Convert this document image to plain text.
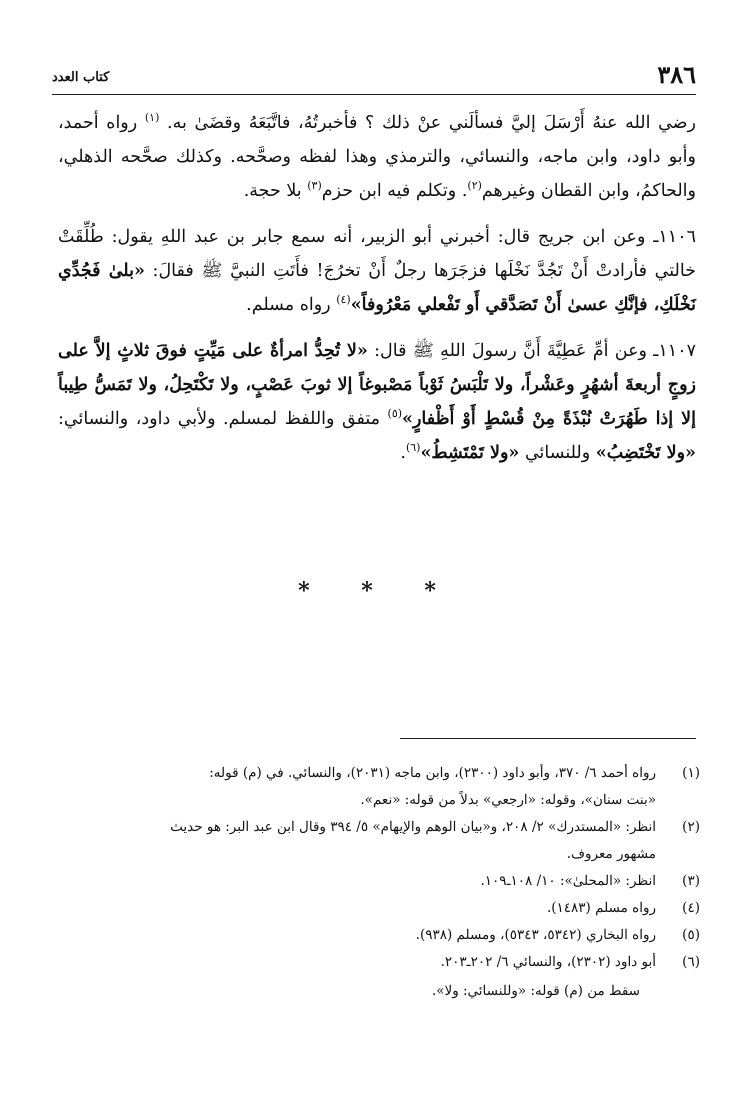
٣٨٦
كتاب العدد

رضي الله عنهُ أَرْسَلَ إليَّ فسألَني عنْ ذلك ؟ فأخبرتُهُ، فاتَّبَعَهُ وقضَىٰ به. $^{(١)}$ رواه أحمد، وأبو داود، وابن ماجه، والنسائي، والترمذي وهذا لفظه وصحَّحه. وكذلك صحَّحه الذهلي، والحاكمُ، وابن القطان وغيرهم$^{(٢)}$. وتكلم فيه ابن حزم$^{(٣)}$ بلا حجة.

١١٠٦ـ وعن ابن جريج قال: أخبرني أبو الزبير، أنه سمع جابر بن عبد اللهِ يقول: طُلِّقَتْ خالتي فأرادتْ أَنْ تَجُدَّ نَخْلَها فزجَرَها رجلٌ أَنْ تخرُجَ! فأَتَتِ النبيَّ ﷺ فقالَ: «بلىٰ فَجُدِّي نَخْلَكِ، فإنَّكِ عسىٰ أَنْ تَصَدَّقي أَو تَفْعلي مَعْرُوفاً»$^{(٤)}$ رواه مسلم.

١١٠٧ـ وعن أمِّ عَطِيَّةَ أَنَّ رسولَ اللهِ ﷺ قال: «لا تُحِدُّ امرأةٌ على مَيِّتٍ فوقَ ثلاثٍ إلاَّ على زوجٍ أربعةَ أشهُرٍ وعَشْراً، ولا تَلْبَسُ ثَوْباً مَصْبوغاً إلا ثوبَ عَصْبٍ، ولا تَكْتَحِلُ، ولا تَمَسُّ طِيباً إلا إذا طَهُرَتْ نُبْذَةً مِنْ قُسْطٍ أَوْ أَظْفارٍ»$^{(٥)}$ متفق واللفظ لمسلم. ولأبي داود، والنسائي: «ولا تَخْتَضِبُ» وللنسائي «ولا تَمْتَشِطُ»$^{(٦)}$.

* * *
(١)
رواه أحمد ٦/ ٣٧٠، وأبو داود (٢٣٠٠)، وابن ماجه (٢٠٣١)، والنسائي. في (م) قوله:
«بنت سنان»، وقوله: «ارجعي» بدلاً من قوله: «نعم».
(٢)
انظر: «المستدرك» ٢/ ٢٠٨، و«بيان الوهم والإيهام» ٥/ ٣٩٤ وقال ابن عبد البر: هو حديث
مشهور معروف.
(٣)
انظر: «المحلىٰ»: ١٠/ ١٠٨ـ١٠٩.
(٤)
رواه مسلم (١٤٨٣).
(٥)
رواه البخاري (٥٣٤٢، ٥٣٤٣)، ومسلم (٩٣٨).
(٦)
أبو داود (٢٣٠٢)، والنسائي ٦/ ٢٠٢ـ٢٠٣.
سقط من (م) قوله: «وللنسائي: ولا».
